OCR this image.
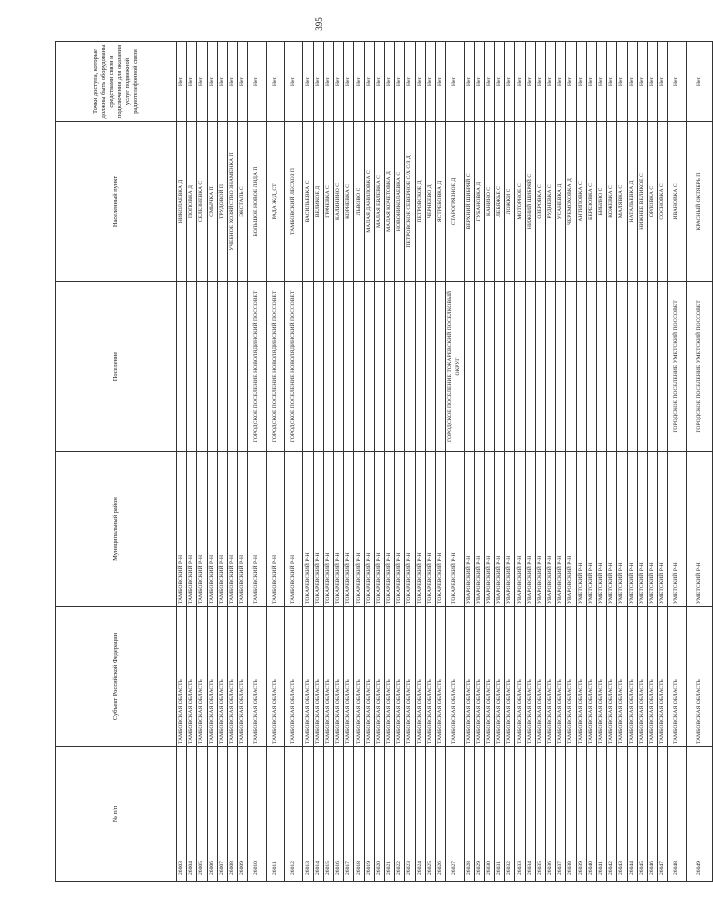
395
№ п/п	Субъект Российской Федерации	Муниципальный район	Поселение	Населенный пункт	Точки доступа, которые должны быть оборудованы средствами связи и подключения для оказания услуг подвижной радиотелефонной связи
26003	ТАМБОВСКАЯ ОБЛАСТЬ	ТАМБОВСКИЙ Р-Н		НИКОЛАЕВКА Д	Нет
26004	ТАМБОВСКАЯ ОБЛАСТЬ	ТАМБОВСКИЙ Р-Н		ПОПОВКА Д	Нет
26005	ТАМБОВСКАЯ ОБЛАСТЬ	ТАМБОВСКИЙ Р-Н		СЕЛЕЗНЕВКА С	Нет
26006	ТАМБОВСКАЯ ОБЛАСТЬ	ТАМБОВСКИЙ Р-Н		СМЫЧКА П	Нет
26007	ТАМБОВСКАЯ ОБЛАСТЬ	ТАМБОВСКИЙ Р-Н		ТРУДОВОЙ П	Нет
26008	ТАМБОВСКАЯ ОБЛАСТЬ	ТАМБОВСКИЙ Р-Н		УЧЕБНОЕ ХОЗЯЙСТВО ЗНАМЕНКА П	Нет
26009	ТАМБОВСКАЯ ОБЛАСТЬ	ТАМБОВСКИЙ Р-Н		ЭКСТАЛЬ С	Нет
26010	ТАМБОВСКАЯ ОБЛАСТЬ	ТАМБОВСКИЙ Р-Н	ГОРОДСКОЕ ПОСЕЛЕНИЕ НОВОЛЯДИНСКИЙ ПОССОВЕТ	БОЛЬШОЕ НОВОЕ ЛЯДА П	Нет
26011	ТАМБОВСКАЯ ОБЛАСТЬ	ТАМБОВСКИЙ Р-Н	ГОРОДСКОЕ ПОСЕЛЕНИЕ НОВОЛЯДИНСКИЙ ПОССОВЕТ	РАДА Ж/Д_СТ	Нет
26012	ТАМБОВСКАЯ ОБЛАСТЬ	ТАМБОВСКИЙ Р-Н	ГОРОДСКОЕ ПОСЕЛЕНИЕ НОВОЛЯДИНСКИЙ ПОССОВЕТ	ТАМБОВСКИЙ ЛЕСХОЗ П	Нет
26013	ТАМБОВСКАЯ ОБЛАСТЬ	ТОКАРЕВСКИЙ Р-Н		ВАСИЛЬЕВКА С	Нет
26014	ТАМБОВСКАЯ ОБЛАСТЬ	ТОКАРЕВСКИЙ Р-Н		ВЕЛИКОЕ Д	Нет
26015	ТАМБОВСКАЯ ОБЛАСТЬ	ТОКАРЕВСКИЙ Р-Н		ГРАЧЕВКА С	Нет
26016	ТАМБОВСКАЯ ОБЛАСТЬ	ТОКАРЕВСКИЙ Р-Н		КАЛИНИНО С	Нет
26017	ТАМБОВСКАЯ ОБЛАСТЬ	ТОКАРЕВСКИЙ Р-Н		КОРНЕВКА С	Нет
26018	ТАМБОВСКАЯ ОБЛАСТЬ	ТОКАРЕВСКИЙ Р-Н		ЛЬВОВО С	Нет
26019	ТАМБОВСКАЯ ОБЛАСТЬ	ТОКАРЕВСКИЙ Р-Н		МАЛАЯ ДАНИЛОВКА С	Нет
26020	ТАМБОВСКАЯ ОБЛАСТЬ	ТОКАРЕВСКИЙ Р-Н		МАЛАЯ ЕВЛЕВКА С	Нет
26021	ТАМБОВСКАЯ ОБЛАСТЬ	ТОКАРЕВСКИЙ Р-Н		МАЛАЯ КОЧЕТОВКА Д	Нет
26022	ТАМБОВСКАЯ ОБЛАСТЬ	ТОКАРЕВСКИЙ Р-Н		НОВОНИКОЛАЕВКА С	Нет
26023	ТАМБОВСКАЯ ОБЛАСТЬ	ТОКАРЕВСКИЙ Р-Н		ПЕТРОВСКОЕ СЕВЕРНОЕ С/Х С/З Д	Нет
26024	ТАМБОВСКАЯ ОБЛАСТЬ	ТОКАРЕВСКИЙ Р-Н		ПЕТРОВСКОЕ Д	Нет
26025	ТАМБОВСКАЯ ОБЛАСТЬ	ТОКАРЕВСКИЙ Р-Н		ЧЕРНЕЕВО Д	Нет
26026	ТАМБОВСКАЯ ОБЛАСТЬ	ТОКАРЕВСКИЙ Р-Н		ЯСТРЕБОВКА Д	Нет
26027	ТАМБОВСКАЯ ОБЛАСТЬ	ТОКАРЕВСКИЙ Р-Н	ГОРОДСКОЕ ПОСЕЛЕНИЕ ТОКАРЕВСКИЙ ПОСЕЛКОВЫЙ ОКРУГ	СТАРОГРЯЗНОЕ Д	Нет
26028	ТАМБОВСКАЯ ОБЛАСТЬ	УВАРОВСКИЙ Р-Н		ВЕРХНИЙ ШИБРЯЙ С	Нет
26029	ТАМБОВСКАЯ ОБЛАСТЬ	УВАРОВСКИЙ Р-Н		ГУБАНОВКА Д	Нет
26030	ТАМБОВСКАЯ ОБЛАСТЬ	УВАРОВСКИЙ Р-Н		КАНИНО С	Нет
26031	ТАМБОВСКАЯ ОБЛАСТЬ	УВАРОВСКИЙ Р-Н		ЛЕБЯЖЬЕ С	Нет
26032	ТАМБОВСКАЯ ОБЛАСТЬ	УВАРОВСКИЙ Р-Н		ЛОЖКИ С	Нет
26033	ТАМБОВСКАЯ ОБЛАСТЬ	УВАРОВСКИЙ Р-Н		МОТОРНОЕ С	Нет
26034	ТАМБОВСКАЯ ОБЛАСТЬ	УВАРОВСКИЙ Р-Н		НИЖНИЙ ШИБРЯЙ С	Нет
26035	ТАМБОВСКАЯ ОБЛАСТЬ	УВАРОВСКИЙ Р-Н		ОЗЕРОВКА С	Нет
26036	ТАМБОВСКАЯ ОБЛАСТЬ	УВАРОВСКИЙ Р-Н		РУДНЕВКА С	Нет
26037	ТАМБОВСКАЯ ОБЛАСТЬ	УВАРОВСКИЙ Р-Н		УСАНЕВКА Д	Нет
26038	ТАМБОВСКАЯ ОБЛАСТЬ	УВАРОВСКИЙ Р-Н		ЧЕРЕМОХОВКА Д	Нет
26039	ТАМБОВСКАЯ ОБЛАСТЬ	УМЕТСКИЙ Р-Н		АНТИПОВКА С	Нет
26040	ТАМБОВСКАЯ ОБЛАСТЬ	УМЕТСКИЙ Р-Н		БЕРЕЗОВКА С	Нет
26041	ТАМБОВСКАЯ ОБЛАСТЬ	УМЕТСКИЙ Р-Н		БИБИНО С	Нет
26042	ТАМБОВСКАЯ ОБЛАСТЬ	УМЕТСКИЙ Р-Н		КОЖЕВКА С	Нет
26043	ТАМБОВСКАЯ ОБЛАСТЬ	УМЕТСКИЙ Р-Н		МАЛЯВКА С	Нет
26044	ТАМБОВСКАЯ ОБЛАСТЬ	УМЕТСКИЙ Р-Н		НАТАЛЬЕВКА Д	Нет
26045	ТАМБОВСКАЯ ОБЛАСТЬ	УМЕТСКИЙ Р-Н		НИЖНЕЕ ВЕЛИКОЕ С	Нет
26046	ТАМБОВСКАЯ ОБЛАСТЬ	УМЕТСКИЙ Р-Н		ОРЛОВКА С	Нет
26047	ТАМБОВСКАЯ ОБЛАСТЬ	УМЕТСКИЙ Р-Н		СОСНОВКА С	Нет
26048	ТАМБОВСКАЯ ОБЛАСТЬ	УМЕТСКИЙ Р-Н	ГОРОДСКОЕ ПОСЕЛЕНИЕ УМЕТСКИЙ ПОССОВЕТ	ИВАНОВКА С	Нет
26049	ТАМБОВСКАЯ ОБЛАСТЬ	УМЕТСКИЙ Р-Н	ГОРОДСКОЕ ПОСЕЛЕНИЕ УМЕТСКИЙ ПОССОВЕТ	КРАСНЫЙ ОКТЯБРЬ П	Нет
